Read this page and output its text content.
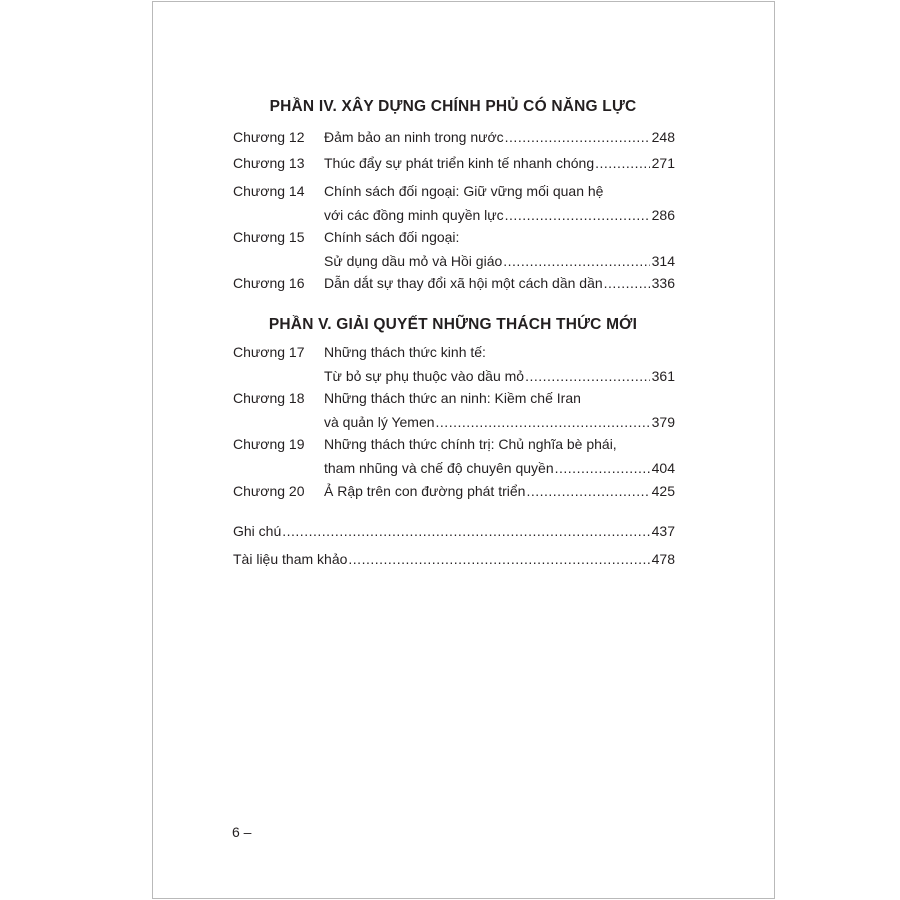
PHẦN IV. XÂY DỰNG CHÍNH PHỦ CÓ NĂNG LỰC
Chương 12	Đảm bảo an ninh trong nước .....	248
Chương 13	Thúc đẩy sự phát triển kinh tế nhanh chóng .....	271
Chương 14	Chính sách đối ngoại: Giữ vững mối quan hệ
với các đồng minh quyền lực .....	286
Chương 15	Chính sách đối ngoại:
Sử dụng dầu mỏ và Hồi giáo .....	314
Chương 16	Dẫn dắt sự thay đổi xã hội một cách dần dần .....	336
PHẦN V. GIẢI QUYẾT NHỮNG THÁCH THỨC MỚI
Chương 17	Những thách thức kinh tế:
Từ bỏ sự phụ thuộc vào dầu mỏ .....	361
Chương 18	Những thách thức an ninh: Kiềm chế Iran
và quản lý Yemen .....	379
Chương 19	Những thách thức chính trị: Chủ nghĩa bè phái,
tham nhũng và chế độ chuyên quyền .....	404
Chương 20	Ả Rập trên con đường phát triển .....	425
Ghi chú .....	437
Tài liệu tham khảo .....	478
6 –
